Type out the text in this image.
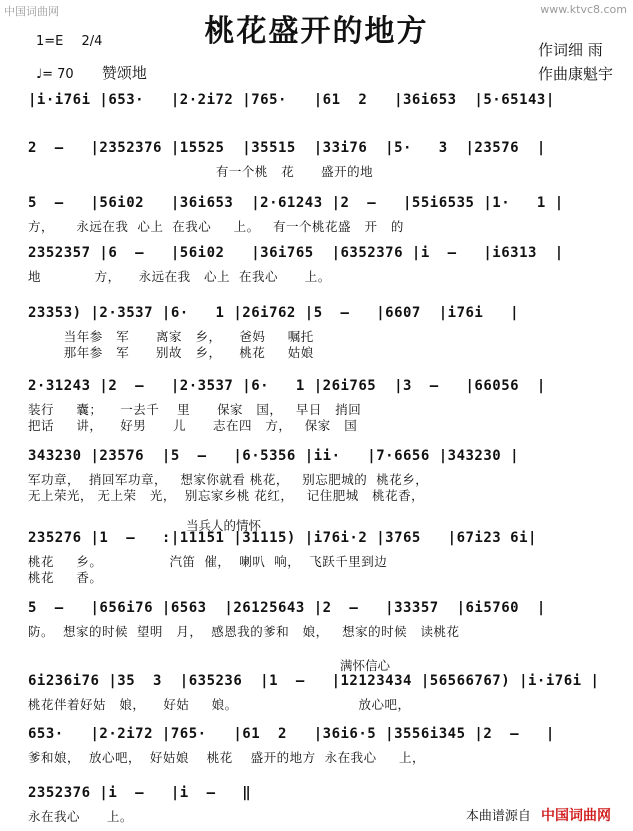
中国词曲网	www.ktvc8.com
桃花盛开的地方
1=E 2/4
♩= 70 赞颂地
作词细 雨
作曲康魁宇
|i·i76i |653·   |2·2i72 |765·   |61  2   |36i653  |5·65143|
2  –   |2352376 |15525  |35515  |33i76  |5·   3  |23576  |
有一个桃   花      盛开的地
5  –   |56i02   |36i653  |2·61243 |2  –   |55i6535 |1·   1 |
方，     永远在我  心上  在我心     上。   有一个桃花盛   开   的
2352357 |6  –   |56i02   |36i765  |6352376 |i  –   |i6313  |
地            方，    永远在我   心上  在我心      上。
23353) |2·3537 |6·   1 |26i762 |5  –   |6607  |i76i   |
当年参   军      离家   乡，    爸妈     嘱托
那年参   军      别故   乡，    桃花     姑娘
2·31243 |2  –   |2·3537 |6·   1 |26i765  |3  –   |66056  |
装行     囊；    一去千    里      保家   国，   早日   捎回
把话     讲，    好男      儿      志在四   方，   保家   国
343230 |23576  |5  –   |6·5356 |ii·   |7·6656 |343230 |
军功章，  捎回军功章，   想家你就看 桃花，   别忘肥城的  桃花乡，
无上荣光， 无上荣   光，  别忘家乡桃 花红，   记住肥城   桃花香，
235276 |1  –   :|11151 |31115) |i76i·2 |3765   |67i23 6i|
桃花     乡。               汽笛  催，  喇叭  响，  飞跃千里到边
桃花     香。
5  –   |656i76 |6563  |26125643 |2  –   |33357  |6i5760  |
防。  想家的时候  望明   月，  感恩我的爹和   娘，   想家的时候   读桃花
6i236i76 |35  3  |635236  |1  –   |12123434 |56566767) |i·i76i |
桃花伴着好姑   娘，    好姑     娘。                           放心吧，
653·   |2·2i72 |765·   |61  2   |36i6·5 |3556i345 |2  –   |
爹和娘，  放心吧，  好姑娘    桃花    盛开的地方  永在我心     上，
2352376 |i  –   |i  –   ‖
永在我心      上。
当兵人的情怀
满怀信心
本曲谱源自 中国词曲网
